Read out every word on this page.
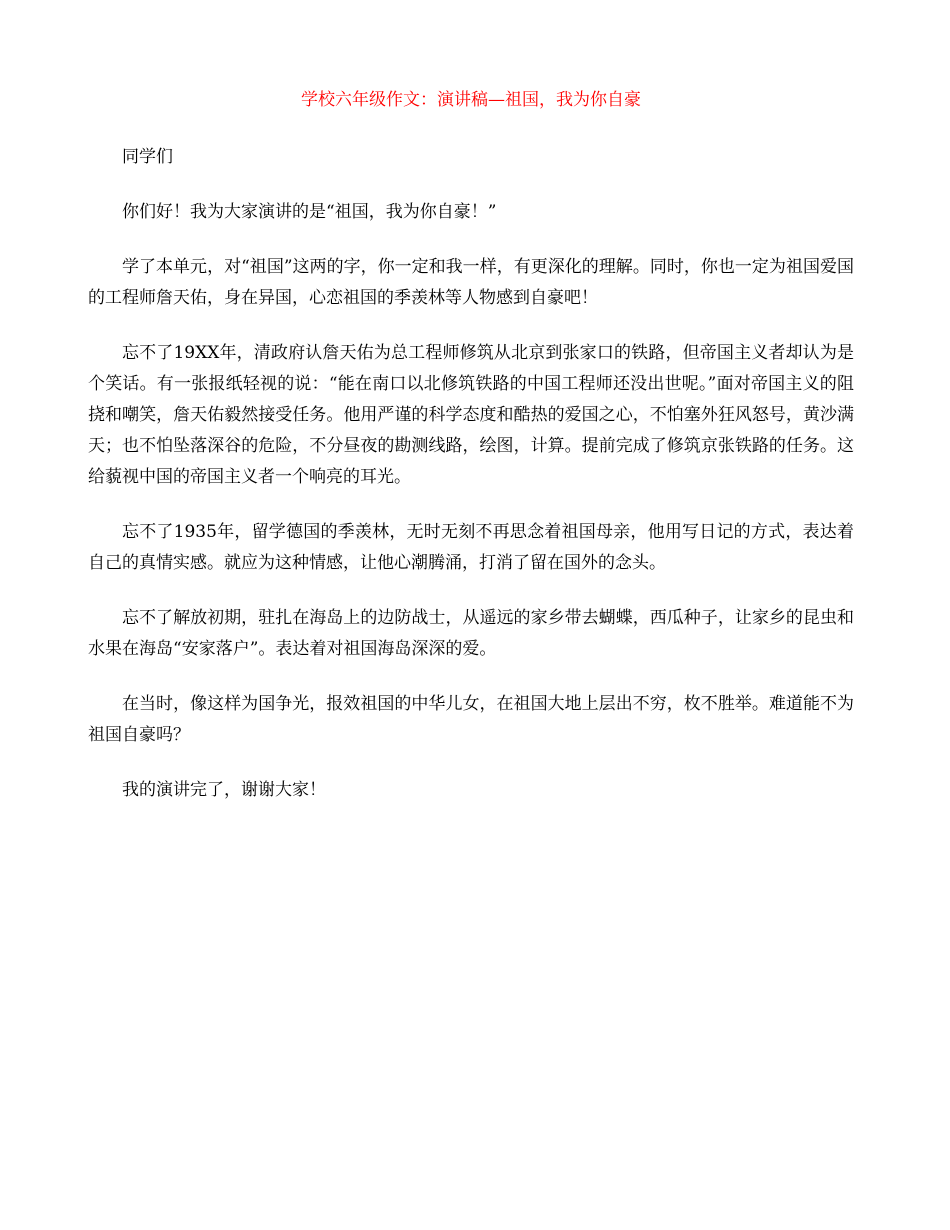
学校六年级作文：演讲稿—祖国，我为你自豪

同学们

你们好！我为大家演讲的是“祖国，我为你自豪！”

学了本单元，对“祖国”这两的字，你一定和我一样，有更深化的理解。同时，你也一定为祖国爱国的工程师詹天佑，身在异国，心恋祖国的季羡林等人物感到自豪吧！

忘不了19XX年，清政府认詹天佑为总工程师修筑从北京到张家口的铁路，但帝国主义者却认为是个笑话。有一张报纸轻视的说：“能在南口以北修筑铁路的中国工程师还没出世呢。”面对帝国主义的阻挠和嘲笑，詹天佑毅然接受任务。他用严谨的科学态度和酷热的爱国之心，不怕塞外狂风怒号，黄沙满天；也不怕坠落深谷的危险，不分昼夜的勘测线路，绘图，计算。提前完成了修筑京张铁路的任务。这给藐视中国的帝国主义者一个响亮的耳光。

忘不了1935年，留学德国的季羡林，无时无刻不再思念着祖国母亲，他用写日记的方式，表达着自己的真情实感。就应为这种情感，让他心潮腾涌，打消了留在国外的念头。

忘不了解放初期，驻扎在海岛上的边防战士，从遥远的家乡带去蝴蝶，西瓜种子，让家乡的昆虫和水果在海岛“安家落户”。表达着对祖国海岛深深的爱。

在当时，像这样为国争光，报效祖国的中华儿女，在祖国大地上层出不穷，枚不胜举。难道能不为祖国自豪吗？

我的演讲完了，谢谢大家！
